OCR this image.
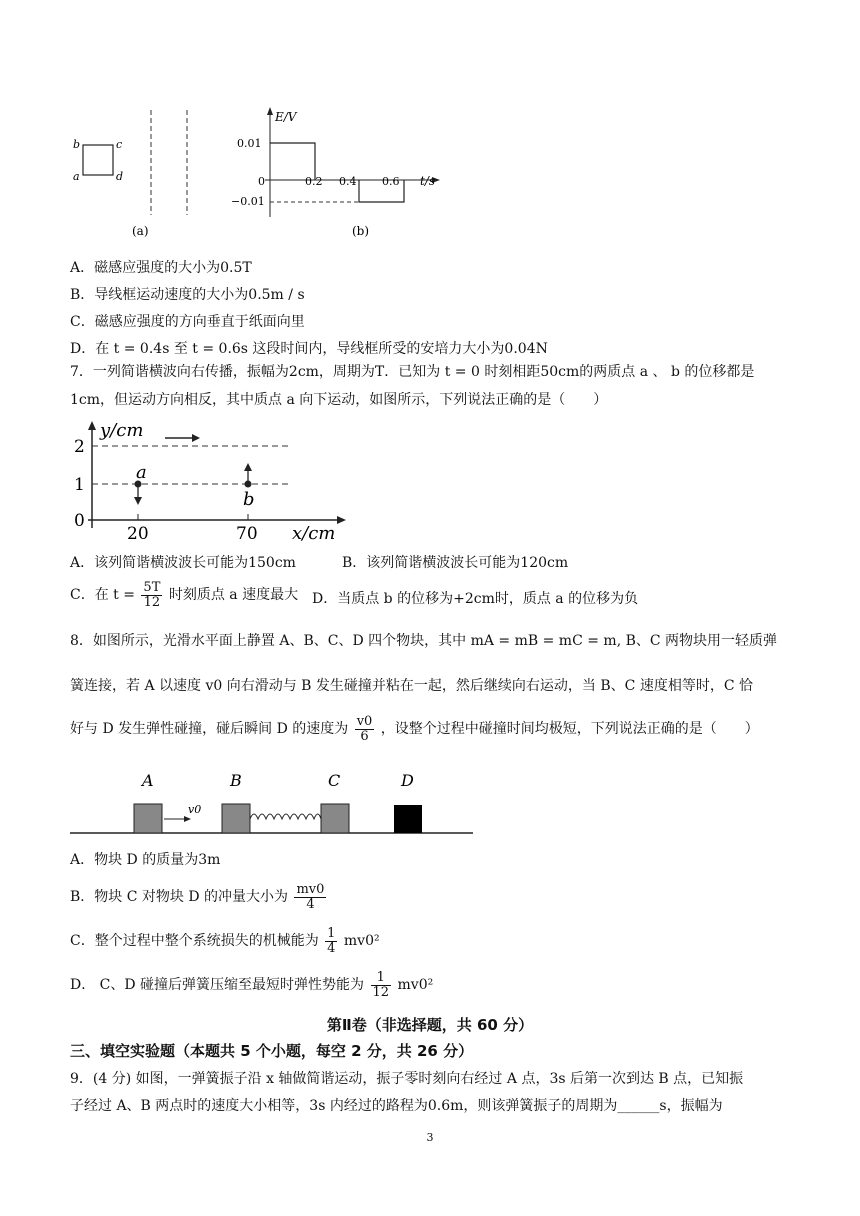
b	c
a	d
(a)
E/V
t/s
0.01
0
−0.01
0.2 0.4 0.6
(b)
A．磁感应强度的大小为0.5T
B．导线框运动速度的大小为0.5m / s
C．磁感应强度的方向垂直于纸面向里
D．在 t = 0.4s 至 t = 0.6s 这段时间内，导线框所受的安培力大小为0.04N
7．一列简谐横波向右传播，振幅为2cm，周期为T．已知为 t = 0 时刻相距50cm的两质点 a 、 b 的位移都是1cm，但运动方向相反，其中质点 a 向下运动，如图所示，下列说法正确的是（　　）
y/cm
x/cm
2
1
0
20	70
a
b
A．该列简谐横波波长可能为150cm	B．该列简谐横波波长可能为120cm
C．在 $t = \frac{5T}{12}$ 时刻质点 a 速度最大 D．当质点 b 的位移为+2cm时，质点 a 的位移为负
8．如图所示，光滑水平面上静置 A、B、C、D 四个物块，其中 mA = mB = mC = m, B、C 两物块用一轻质弹
簧连接，若 A 以速度 v0 向右滑动与 B 发生碰撞并粘在一起，然后继续向右运动，当 B、C 速度相等时，C 恰
好与 D 发生弹性碰撞，碰后瞬间 D 的速度为 $\frac{v0}{6}$ ，设整个过程中碰撞时间均极短，下列说法正确的是（　　）
A	B	C	D
v0
A．物块 D 的质量为3m
B．物块 C 对物块 D 的冲量大小为 $\frac{mv0}{4}$
C．整个过程中整个系统损失的机械能为 $\frac{1}{4} mv0^2$
D． C、D 碰撞后弹簧压缩至最短时弹性势能为 $\frac{1}{12} mv0^2$
第Ⅱ卷（非选择题，共 60 分）
三、填空实验题（本题共 5 个小题，每空 2 分，共 26 分）
9．(4 分) 如图，一弹簧振子沿 x 轴做简谐运动，振子零时刻向右经过 A 点，3s 后第一次到达 B 点，已知振
子经过 A、B 两点时的速度大小相等，3s 内经过的路程为0.6m，则该弹簧振子的周期为______s，振幅为
3
